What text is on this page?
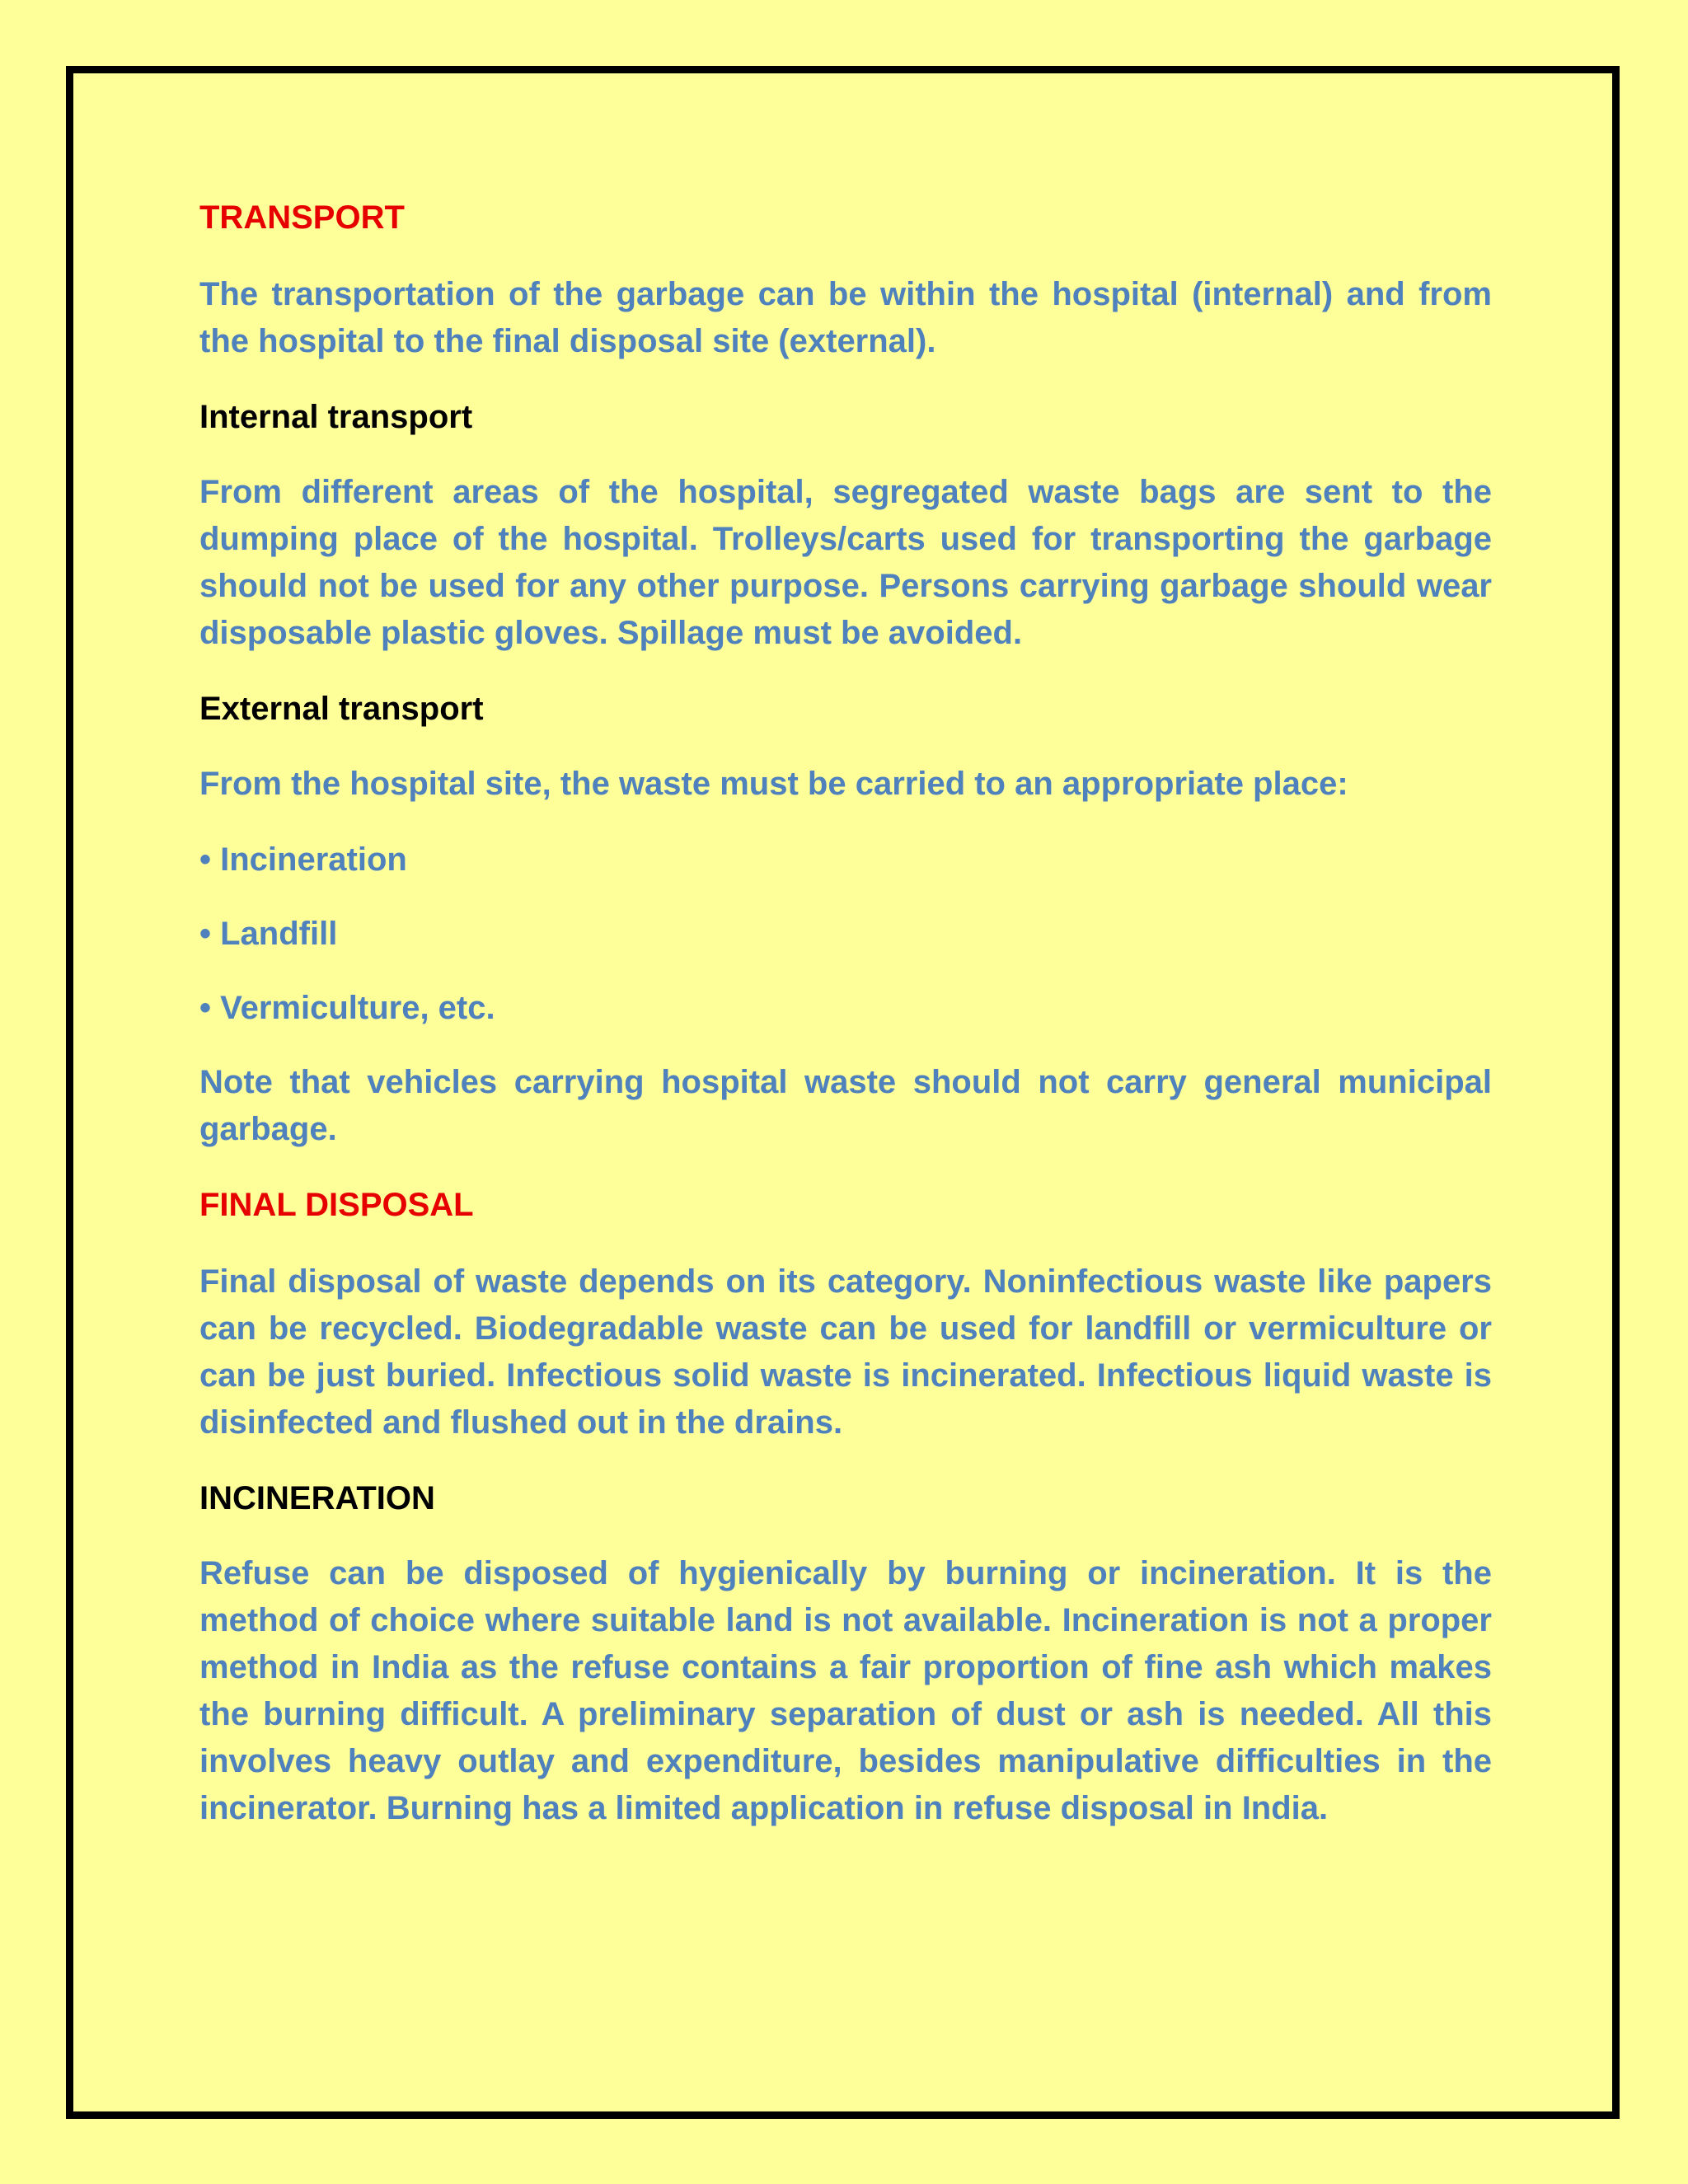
TRANSPORT
The transportation of the garbage can be within the hospital (internal) and from the hospital to the final disposal site (external).
Internal transport
From different areas of the hospital, segregated waste bags are sent to the dumping place of the hospital. Trolleys/carts used for transporting the garbage should not be used for any other purpose. Persons carrying garbage should wear disposable plastic gloves. Spillage must be avoided.
External transport
From the hospital site, the waste must be carried to an appropriate place:
• Incineration
• Landfill
• Vermiculture, etc.
Note that vehicles carrying hospital waste should not carry general municipal garbage.
FINAL DISPOSAL
Final disposal of waste depends on its category. Noninfectious waste like papers can be recycled. Biodegradable waste can be used for landfill or vermiculture or can be just buried. Infectious solid waste is incinerated. Infectious liquid waste is disinfected and flushed out in the drains.
INCINERATION
Refuse can be disposed of hygienically by burning or incineration. It is the method of choice where suitable land is not available. Incineration is not a proper method in India as the refuse contains a fair proportion of fine ash which makes the burning difficult. A preliminary separation of dust or ash is needed. All this involves heavy outlay and expenditure, besides manipulative difficulties in the incinerator. Burning has a limited application in refuse disposal in India.
